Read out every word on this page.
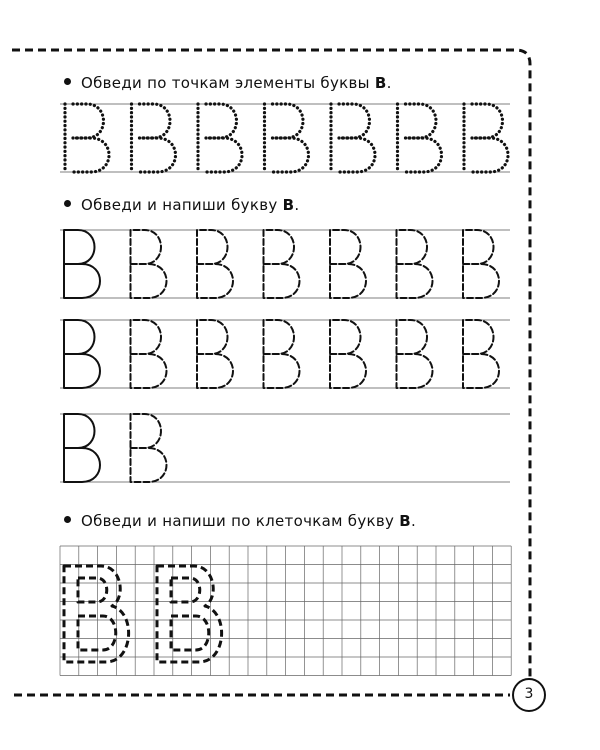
Обведи по точкам элементы буквы В.
Обведи и напиши букву В.
Обведи и напиши по клеточкам букву В.
3
